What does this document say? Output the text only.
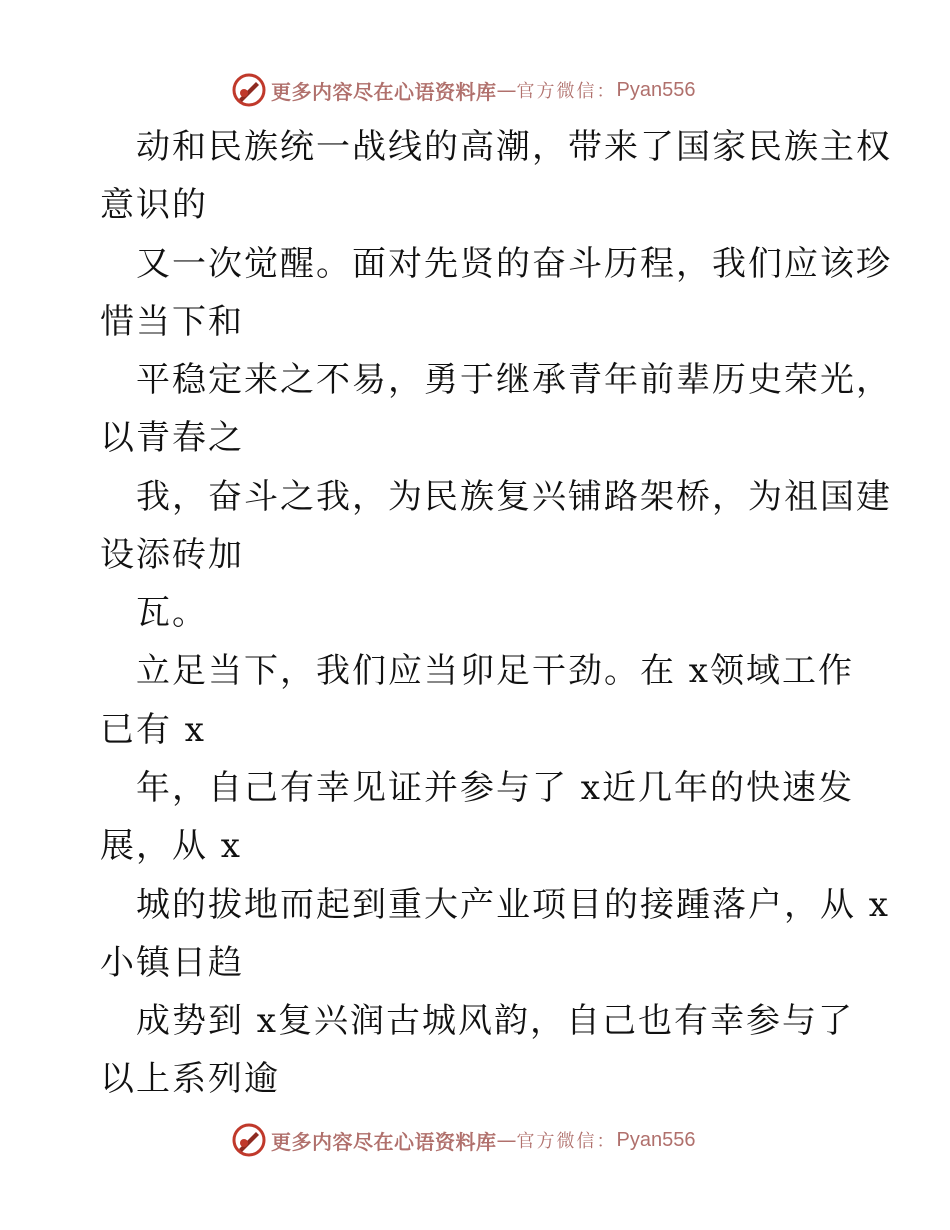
更多内容尽在心语资料库 — 官方微信： Pyan556
动和民族统一战线的高潮，带来了国家民族主权
意识的
又一次觉醒。面对先贤的奋斗历程，我们应该珍
惜当下和
平稳定来之不易，勇于继承青年前辈历史荣光，
以青春之
我，奋斗之我，为民族复兴铺路架桥，为祖国建
设添砖加
瓦。
立足当下，我们应当卯足干劲。在 x领域工作
已有 x
年，自己有幸见证并参与了 x近几年的快速发
展，从 x
城的拔地而起到重大产业项目的接踵落户，从 x
小镇日趋
成势到 x复兴润古城风韵，自己也有幸参与了
以上系列逾
更多内容尽在心语资料库 — 官方微信： Pyan556
